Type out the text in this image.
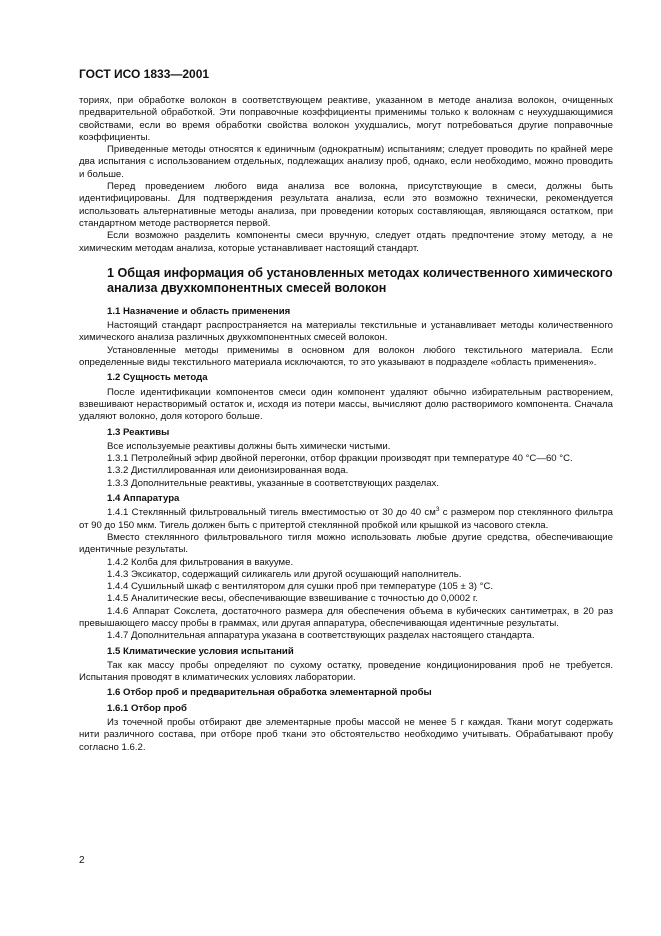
ГОСТ ИСО 1833—2001

ториях, при обработке волокон в соответствующем реактиве, указанном в методе анализа волокон, очищенных предварительной обработкой. Эти поправочные коэффициенты применимы только к волокнам с неухудшающимися свойствами, если во время обработки свойства волокон ухудшались, могут потребоваться другие поправочные коэффициенты.

Приведенные методы относятся к единичным (однократным) испытаниям; следует проводить по крайней мере два испытания с использованием отдельных, подлежащих анализу проб, однако, если необходимо, можно проводить и больше.

Перед проведением любого вида анализа все волокна, присутствующие в смеси, должны быть идентифицированы. Для подтверждения результата анализа, если это возможно технически, рекомендуется использовать альтернативные методы анализа, при проведении которых составляющая, являющаяся остатком, при стандартном методе растворяется первой.

Если возможно разделить компоненты смеси вручную, следует отдать предпочтение этому методу, а не химическим методам анализа, которые устанавливает настоящий стандарт.

1 Общая информация об установленных методах количественного химического анализа двухкомпонентных смесей волокон

1.1 Назначение и область применения

Настоящий стандарт распространяется на материалы текстильные и устанавливает методы количественного химического анализа различных двухкомпонентных смесей волокон.

Установленные методы применимы в основном для волокон любого текстильного материала. Если определенные виды текстильного материала исключаются, то это указывают в подразделе «область применения».

1.2 Сущность метода

После идентификации компонентов смеси один компонент удаляют обычно избирательным растворением, взвешивают нерастворимый остаток и, исходя из потери массы, вычисляют долю растворимого компонента. Сначала удаляют волокно, доля которого больше.

1.3 Реактивы

Все используемые реактивы должны быть химически чистыми.

1.3.1 Петролейный эфир двойной перегонки, отбор фракции производят при температуре 40 °С—60 °С.

1.3.2 Дистиллированная или деионизированная вода.

1.3.3 Дополнительные реактивы, указанные в соответствующих разделах.

1.4 Аппаратура

1.4.1 Стеклянный фильтровальный тигель вместимостью от 30 до 40 $см^3$ с размером пор стеклянного фильтра от 90 до 150 мкм. Тигель должен быть с притертой стеклянной пробкой или крышкой из часового стекла.

Вместо стеклянного фильтровального тигля можно использовать любые другие средства, обеспечивающие идентичные результаты.

1.4.2 Колба для фильтрования в вакууме.

1.4.3 Эксикатор, содержащий силикагель или другой осушающий наполнитель.

1.4.4 Сушильный шкаф с вентилятором для сушки проб при температуре (105 ± 3) °С.

1.4.5 Аналитические весы, обеспечивающие взвешивание с точностью до 0,0002 г.

1.4.6 Аппарат Сокслета, достаточного размера для обеспечения объема в кубических сантиметрах, в 20 раз превышающего массу пробы в граммах, или другая аппаратура, обеспечивающая идентичные результаты.

1.4.7 Дополнительная аппаратура указана в соответствующих разделах настоящего стандарта.

1.5 Климатические условия испытаний

Так как массу пробы определяют по сухому остатку, проведение кондиционирования проб не требуется. Испытания проводят в климатических условиях лаборатории.

1.6 Отбор проб и предварительная обработка элементарной пробы

1.6.1 Отбор проб

Из точечной пробы отбирают две элементарные пробы массой не менее 5 г каждая. Ткани могут содержать нити различного состава, при отборе проб ткани это обстоятельство необходимо учитывать. Обрабатывают пробу согласно 1.6.2.

2
